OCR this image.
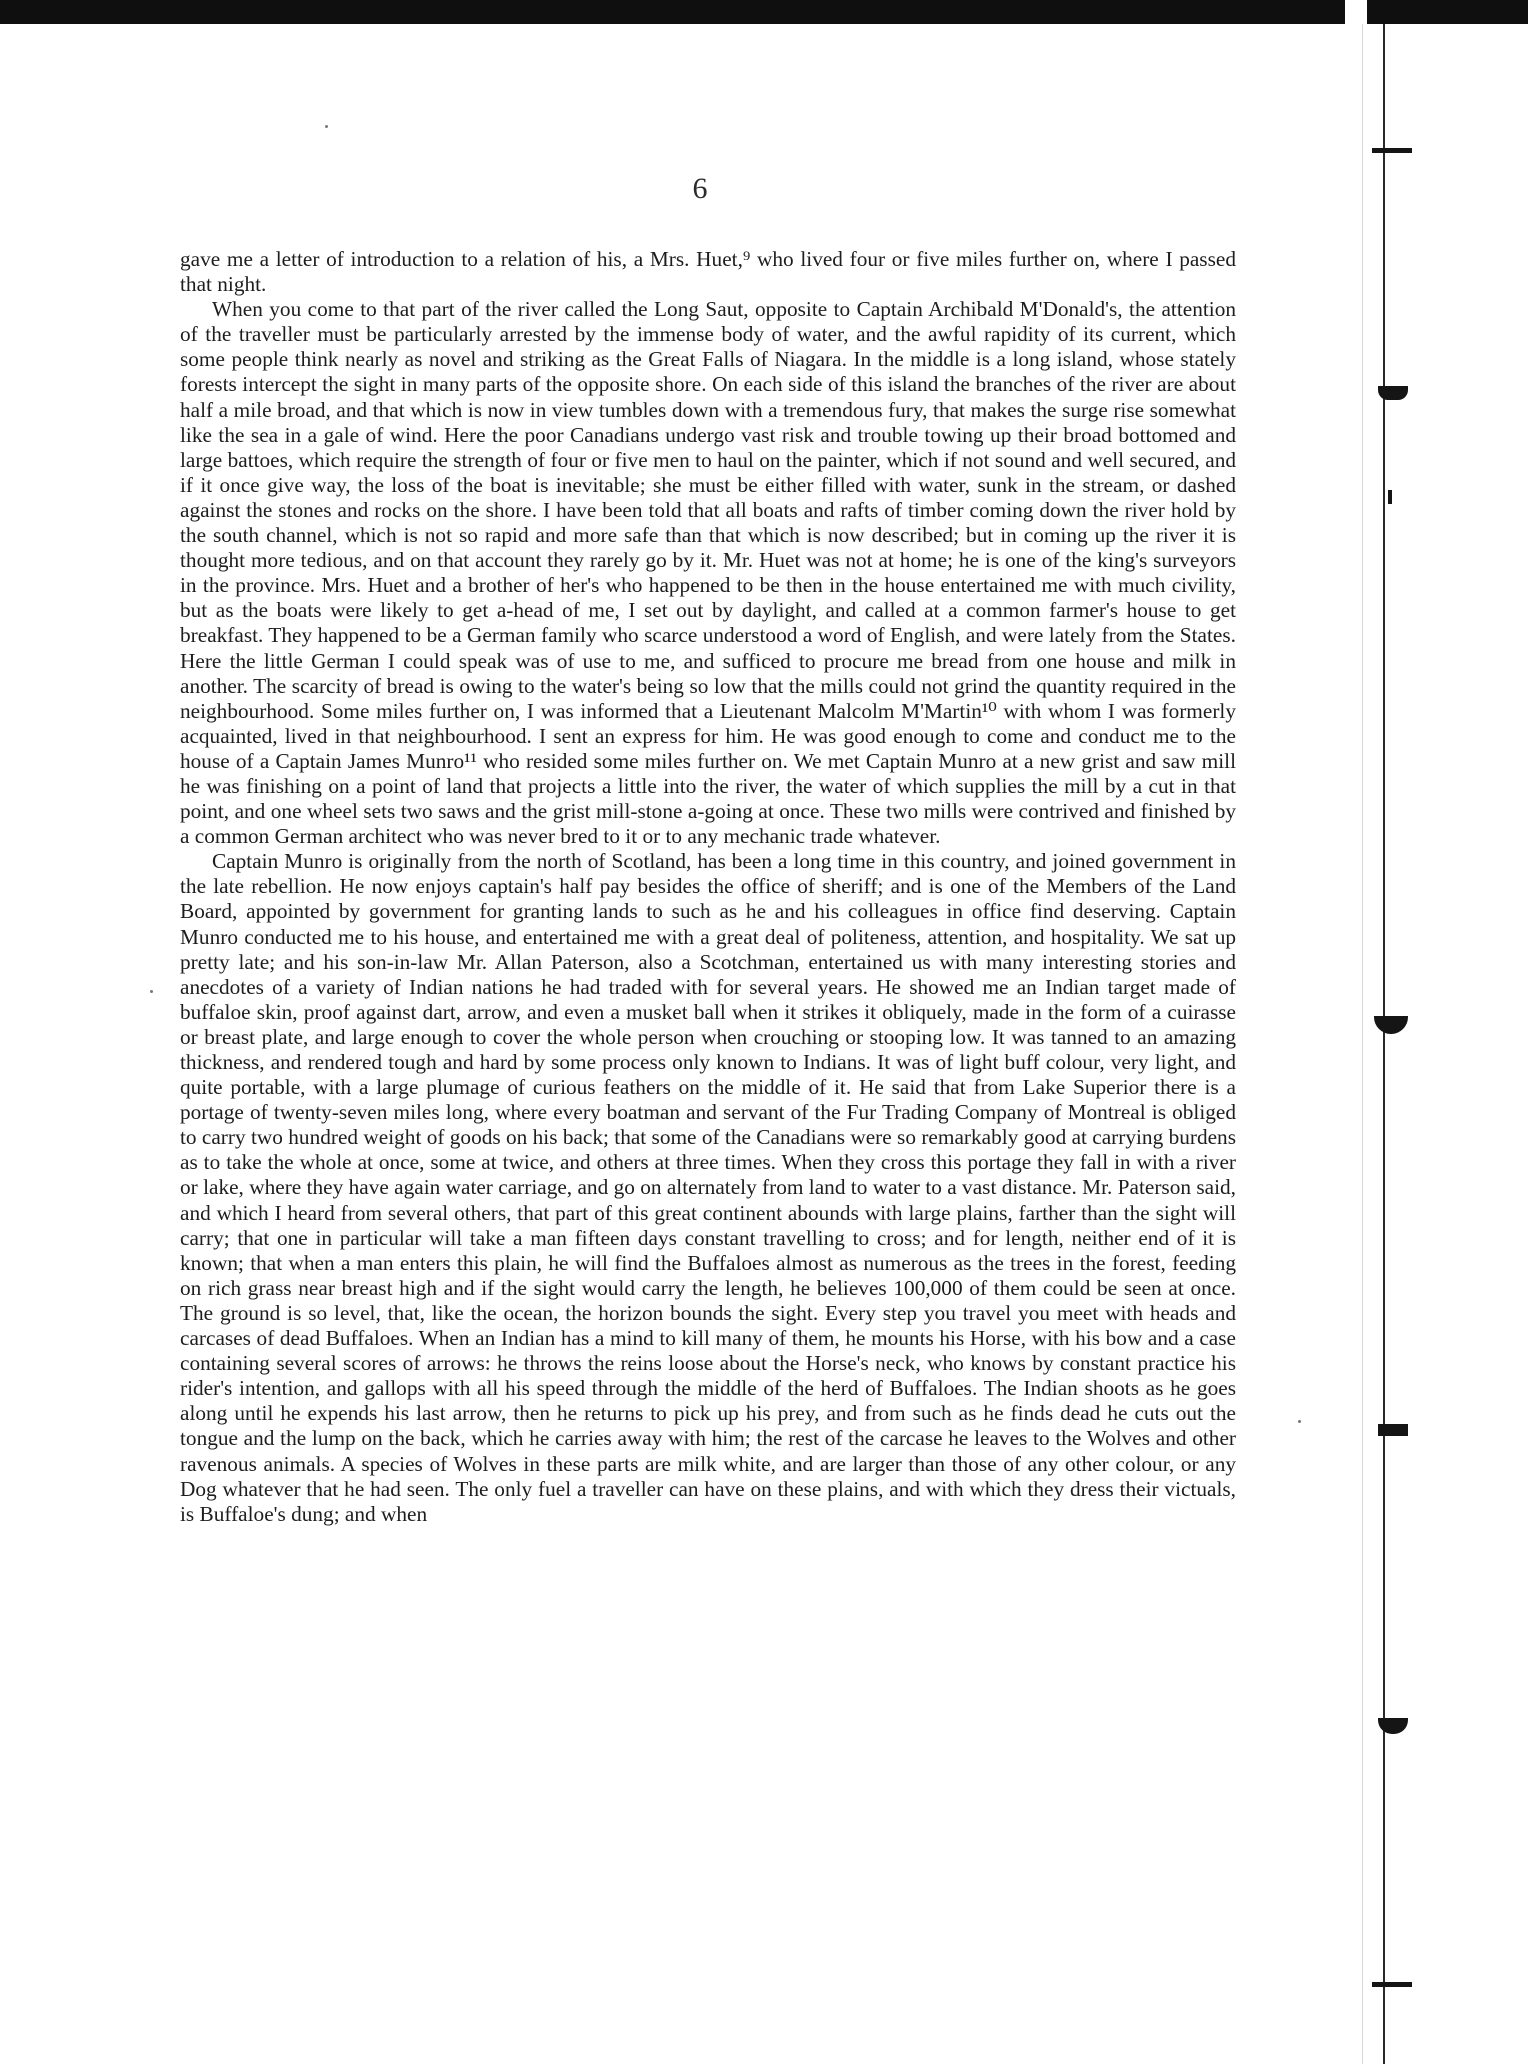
6

gave me a letter of introduction to a relation of his, a Mrs. Huet,⁹ who lived four or five miles further on, where I passed that night.

When you come to that part of the river called the Long Saut, opposite to Captain Archibald M'Donald's, the attention of the traveller must be particularly arrested by the immense body of water, and the awful rapidity of its current, which some people think nearly as novel and striking as the Great Falls of Niagara. In the middle is a long island, whose stately forests intercept the sight in many parts of the opposite shore. On each side of this island the branches of the river are about half a mile broad, and that which is now in view tumbles down with a tremendous fury, that makes the surge rise somewhat like the sea in a gale of wind. Here the poor Canadians undergo vast risk and trouble towing up their broad bottomed and large battoes, which require the strength of four or five men to haul on the painter, which if not sound and well secured, and if it once give way, the loss of the boat is inevitable; she must be either filled with water, sunk in the stream, or dashed against the stones and rocks on the shore. I have been told that all boats and rafts of timber coming down the river hold by the south channel, which is not so rapid and more safe than that which is now described; but in coming up the river it is thought more tedious, and on that account they rarely go by it. Mr. Huet was not at home; he is one of the king's surveyors in the province. Mrs. Huet and a brother of her's who happened to be then in the house entertained me with much civility, but as the boats were likely to get a-head of me, I set out by daylight, and called at a common farmer's house to get breakfast. They happened to be a German family who scarce understood a word of English, and were lately from the States. Here the little German I could speak was of use to me, and sufficed to procure me bread from one house and milk in another. The scarcity of bread is owing to the water's being so low that the mills could not grind the quantity required in the neighbourhood. Some miles further on, I was informed that a Lieutenant Malcolm M'Martin¹⁰ with whom I was formerly acquainted, lived in that neighbourhood. I sent an express for him. He was good enough to come and conduct me to the house of a Captain James Munro¹¹ who resided some miles further on. We met Captain Munro at a new grist and saw mill he was finishing on a point of land that projects a little into the river, the water of which supplies the mill by a cut in that point, and one wheel sets two saws and the grist mill-stone a-going at once. These two mills were contrived and finished by a common German architect who was never bred to it or to any mechanic trade whatever.

Captain Munro is originally from the north of Scotland, has been a long time in this country, and joined government in the late rebellion. He now enjoys captain's half pay besides the office of sheriff; and is one of the Members of the Land Board, appointed by government for granting lands to such as he and his colleagues in office find deserving. Captain Munro conducted me to his house, and entertained me with a great deal of politeness, attention, and hospitality. We sat up pretty late; and his son-in-law Mr. Allan Paterson, also a Scotchman, entertained us with many interesting stories and anecdotes of a variety of Indian nations he had traded with for several years. He showed me an Indian target made of buffaloe skin, proof against dart, arrow, and even a musket ball when it strikes it obliquely, made in the form of a cuirasse or breast plate, and large enough to cover the whole person when crouching or stooping low. It was tanned to an amazing thickness, and rendered tough and hard by some process only known to Indians. It was of light buff colour, very light, and quite portable, with a large plumage of curious feathers on the middle of it. He said that from Lake Superior there is a portage of twenty-seven miles long, where every boatman and servant of the Fur Trading Company of Montreal is obliged to carry two hundred weight of goods on his back; that some of the Canadians were so remarkably good at carrying burdens as to take the whole at once, some at twice, and others at three times. When they cross this portage they fall in with a river or lake, where they have again water carriage, and go on alternately from land to water to a vast distance. Mr. Paterson said, and which I heard from several others, that part of this great continent abounds with large plains, farther than the sight will carry; that one in particular will take a man fifteen days constant travelling to cross; and for length, neither end of it is known; that when a man enters this plain, he will find the Buffaloes almost as numerous as the trees in the forest, feeding on rich grass near breast high and if the sight would carry the length, he believes 100,000 of them could be seen at once. The ground is so level, that, like the ocean, the horizon bounds the sight. Every step you travel you meet with heads and carcases of dead Buffaloes. When an Indian has a mind to kill many of them, he mounts his Horse, with his bow and a case containing several scores of arrows: he throws the reins loose about the Horse's neck, who knows by constant practice his rider's intention, and gallops with all his speed through the middle of the herd of Buffaloes. The Indian shoots as he goes along until he expends his last arrow, then he returns to pick up his prey, and from such as he finds dead he cuts out the tongue and the lump on the back, which he carries away with him; the rest of the carcase he leaves to the Wolves and other ravenous animals. A species of Wolves in these parts are milk white, and are larger than those of any other colour, or any Dog whatever that he had seen. The only fuel a traveller can have on these plains, and with which they dress their victuals, is Buffaloe's dung; and when
